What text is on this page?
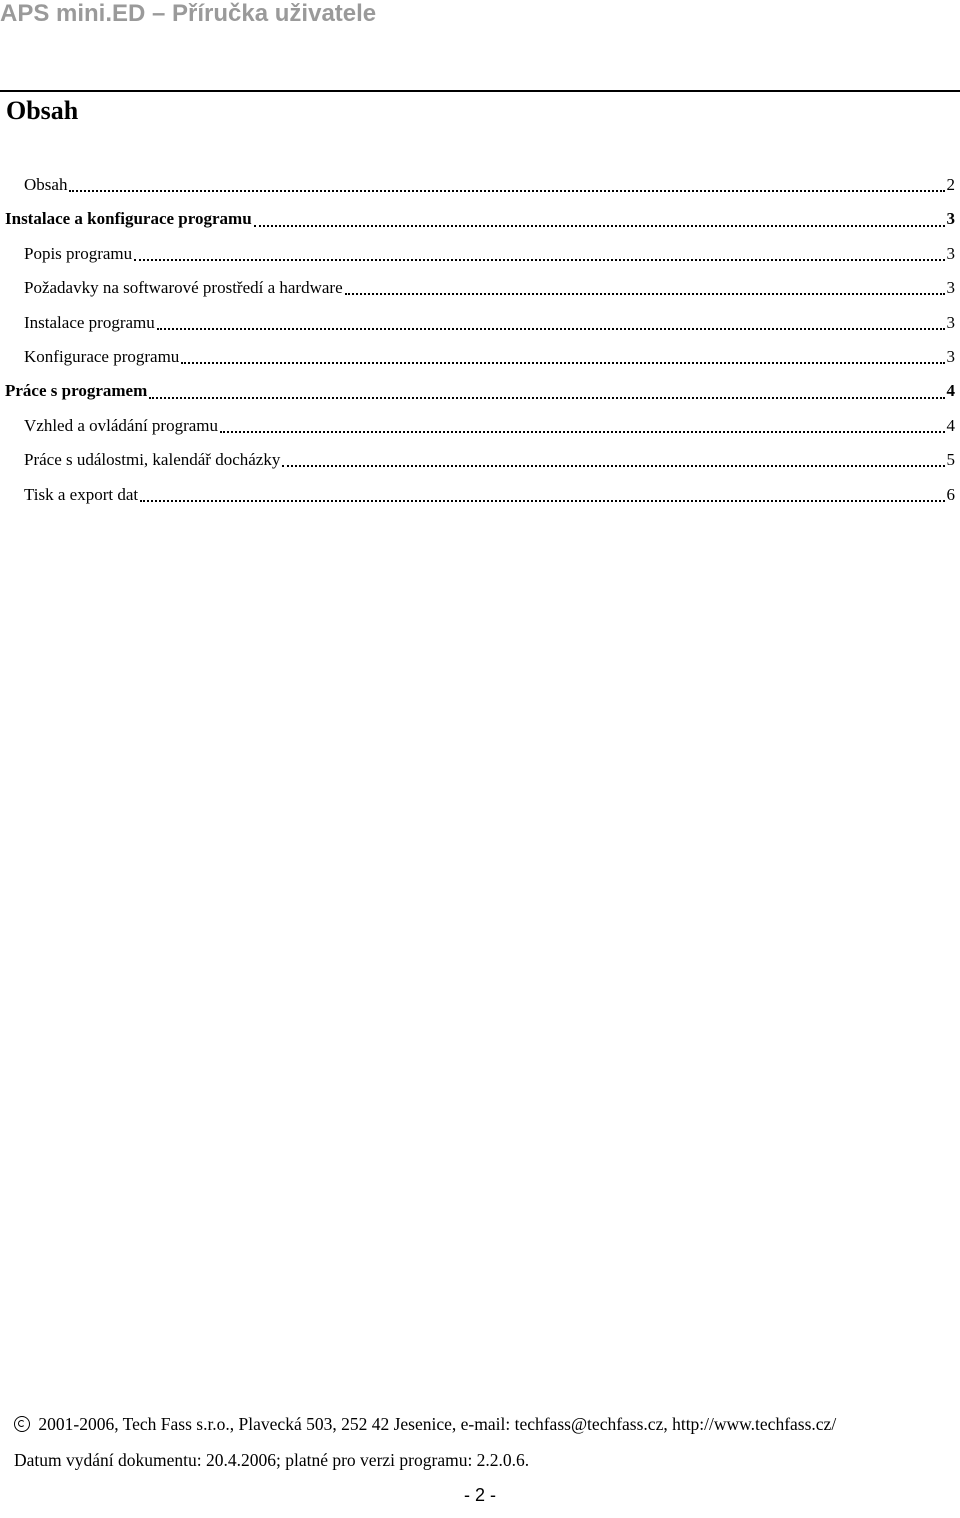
APS mini.ED – Příručka uživatele
Obsah
Obsah	2
Instalace a konfigurace programu	3
Popis programu	3
Požadavky na softwarové prostředí a hardware	3
Instalace programu	3
Konfigurace programu	3
Práce s programem	4
Vzhled a ovládání programu	4
Práce s událostmi, kalendář docházky	5
Tisk a export dat	6
2001-2006, Tech Fass s.r.o., Plavecká 503, 252 42 Jesenice, e-mail: techfass@techfass.cz, http://www.techfass.cz/
Datum vydání dokumentu: 20.4.2006; platné pro verzi programu: 2.2.0.6.
- 2 -
